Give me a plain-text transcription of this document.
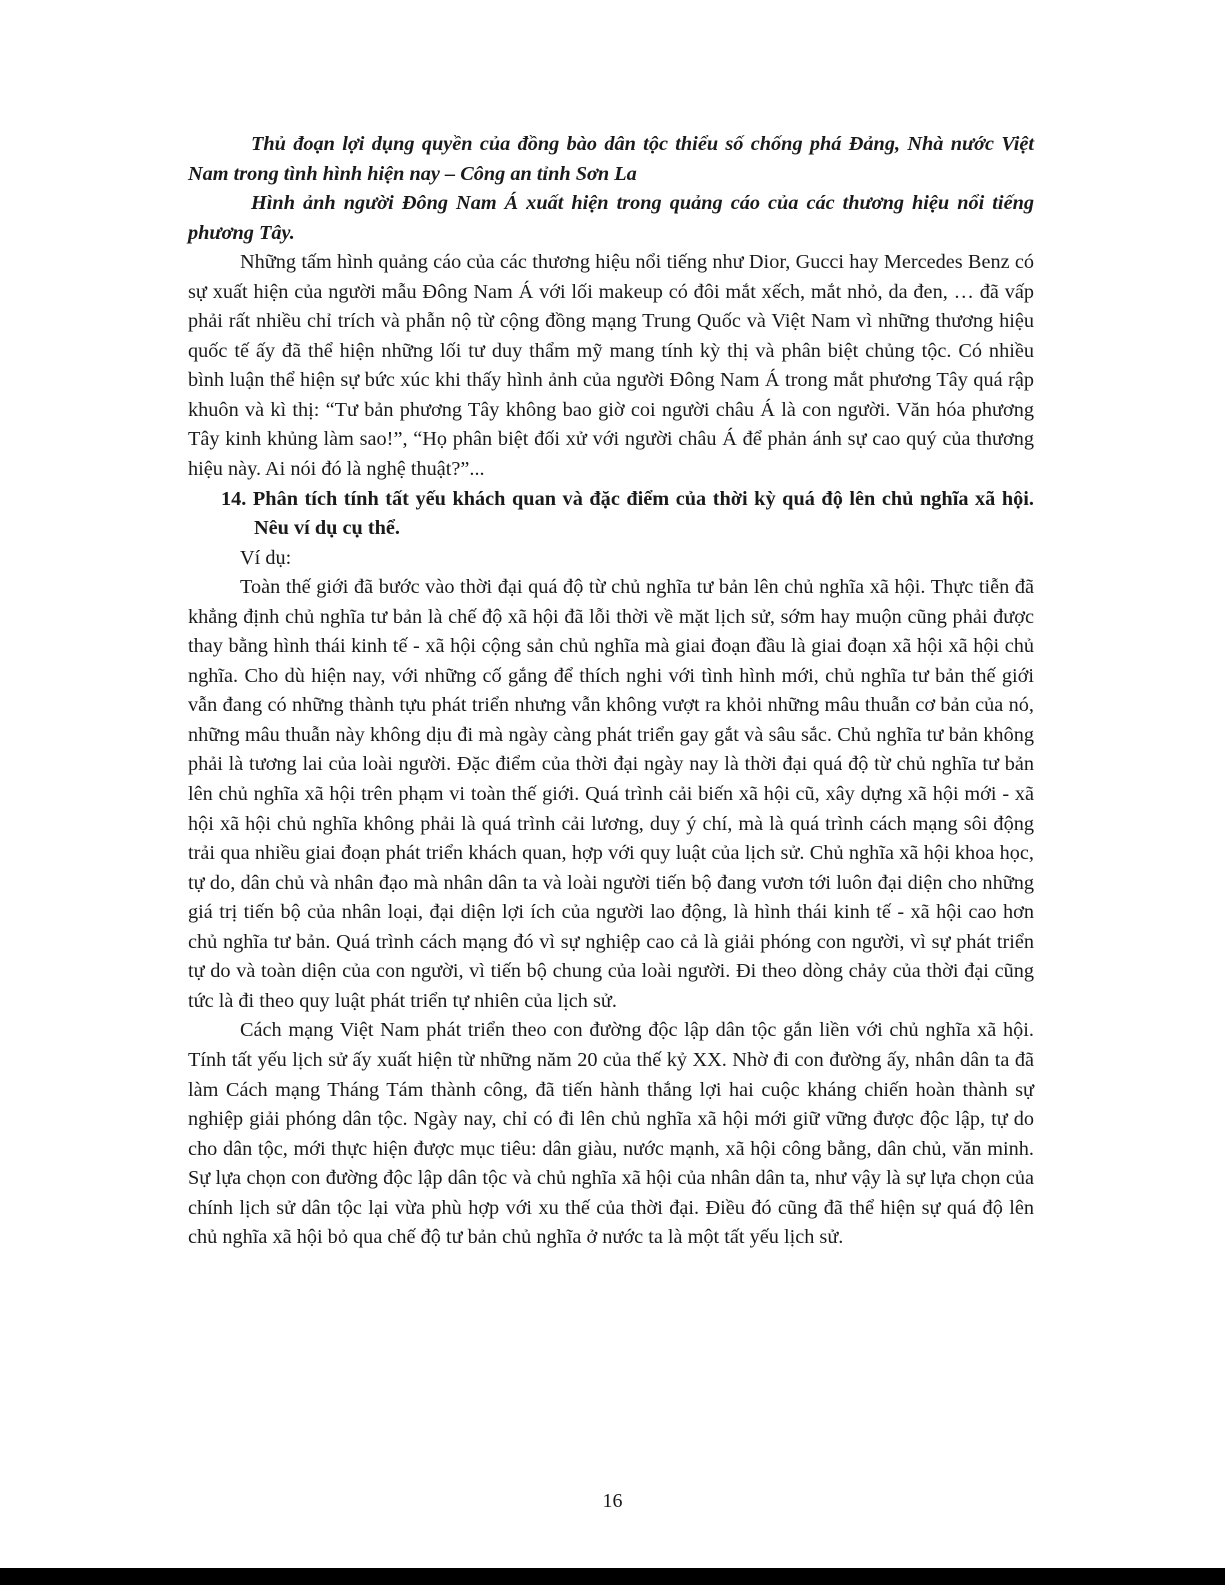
Thủ đoạn lợi dụng quyền của đồng bào dân tộc thiểu số chống phá Đảng, Nhà nước Việt Nam trong tình hình hiện nay – Công an tỉnh Sơn La

Hình ảnh người Đông Nam Á xuất hiện trong quảng cáo của các thương hiệu nổi tiếng phương Tây.

Những tấm hình quảng cáo của các thương hiệu nổi tiếng như Dior, Gucci hay Mercedes Benz có sự xuất hiện của người mẫu Đông Nam Á với lối makeup có đôi mắt xếch, mắt nhỏ, da đen, … đã vấp phải rất nhiều chỉ trích và phẫn nộ từ cộng đồng mạng Trung Quốc và Việt Nam vì những thương hiệu quốc tế ấy đã thể hiện những lối tư duy thẩm mỹ mang tính kỳ thị và phân biệt chủng tộc. Có nhiều bình luận thể hiện sự bức xúc khi thấy hình ảnh của người Đông Nam Á trong mắt phương Tây quá rập khuôn và kì thị: “Tư bản phương Tây không bao giờ coi người châu Á là con người. Văn hóa phương Tây kinh khủng làm sao!”, “Họ phân biệt đối xử với người châu Á để phản ánh sự cao quý của thương hiệu này. Ai nói đó là nghệ thuật?”...

14. Phân tích tính tất yếu khách quan và đặc điểm của thời kỳ quá độ lên chủ nghĩa xã hội. Nêu ví dụ cụ thể.

Ví dụ:

Toàn thế giới đã bước vào thời đại quá độ từ chủ nghĩa tư bản lên chủ nghĩa xã hội. Thực tiễn đã khẳng định chủ nghĩa tư bản là chế độ xã hội đã lỗi thời về mặt lịch sử, sớm hay muộn cũng phải được thay bằng hình thái kinh tế - xã hội cộng sản chủ nghĩa mà giai đoạn đầu là giai đoạn xã hội xã hội chủ nghĩa. Cho dù hiện nay, với những cố gắng để thích nghi với tình hình mới, chủ nghĩa tư bản thế giới vẫn đang có những thành tựu phát triển nhưng vẫn không vượt ra khỏi những mâu thuẫn cơ bản của nó, những mâu thuẫn này không dịu đi mà ngày càng phát triển gay gắt và sâu sắc. Chủ nghĩa tư bản không phải là tương lai của loài người. Đặc điểm của thời đại ngày nay là thời đại quá độ từ chủ nghĩa tư bản lên chủ nghĩa xã hội trên phạm vi toàn thế giới. Quá trình cải biến xã hội cũ, xây dựng xã hội mới - xã hội xã hội chủ nghĩa không phải là quá trình cải lương, duy ý chí, mà là quá trình cách mạng sôi động trải qua nhiều giai đoạn phát triển khách quan, hợp với quy luật của lịch sử. Chủ nghĩa xã hội khoa học, tự do, dân chủ và nhân đạo mà nhân dân ta và loài người tiến bộ đang vươn tới luôn đại diện cho những giá trị tiến bộ của nhân loại, đại diện lợi ích của người lao động, là hình thái kinh tế - xã hội cao hơn chủ nghĩa tư bản. Quá trình cách mạng đó vì sự nghiệp cao cả là giải phóng con người, vì sự phát triển tự do và toàn diện của con người, vì tiến bộ chung của loài người. Đi theo dòng chảy của thời đại cũng tức là đi theo quy luật phát triển tự nhiên của lịch sử.

Cách mạng Việt Nam phát triển theo con đường độc lập dân tộc gắn liền với chủ nghĩa xã hội. Tính tất yếu lịch sử ấy xuất hiện từ những năm 20 của thế kỷ XX. Nhờ đi con đường ấy, nhân dân ta đã làm Cách mạng Tháng Tám thành công, đã tiến hành thắng lợi hai cuộc kháng chiến hoàn thành sự nghiệp giải phóng dân tộc. Ngày nay, chỉ có đi lên chủ nghĩa xã hội mới giữ vững được độc lập, tự do cho dân tộc, mới thực hiện được mục tiêu: dân giàu, nước mạnh, xã hội công bằng, dân chủ, văn minh. Sự lựa chọn con đường độc lập dân tộc và chủ nghĩa xã hội của nhân dân ta, như vậy là sự lựa chọn của chính lịch sử dân tộc lại vừa phù hợp với xu thế của thời đại. Điều đó cũng đã thể hiện sự quá độ lên chủ nghĩa xã hội bỏ qua chế độ tư bản chủ nghĩa ở nước ta là một tất yếu lịch sử.

16
